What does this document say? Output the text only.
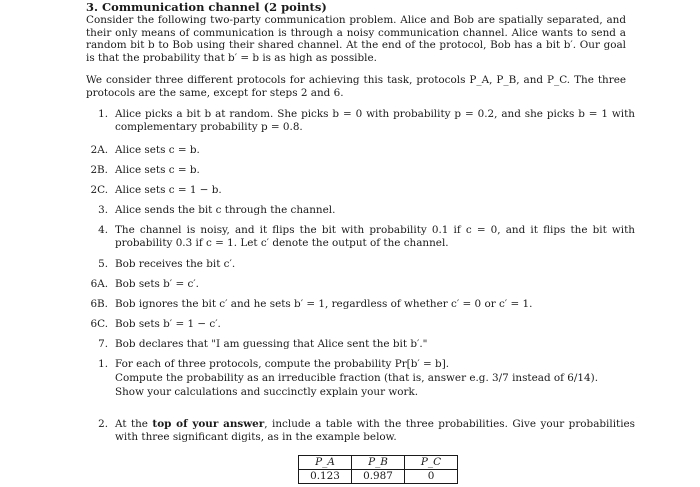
3. Communication channel (2 points)
Consider the following two-party communication problem. Alice and Bob are spatially separated, and their only means of communication is through a noisy communication channel. Alice wants to send a random bit b to Bob using their shared channel. At the end of the protocol, Bob has a bit b′. Our goal is that the probability that b′ = b is as high as possible.
We consider three different protocols for achieving this task, protocols P_A, P_B, and P_C. The three protocols are the same, except for steps 2 and 6.
1. Alice picks a bit b at random. She picks b = 0 with probability p = 0.2, and she picks b = 1 with complementary probability p = 0.8.
2A. Alice sets c = b.
2B. Alice sets c = b.
2C. Alice sets c = 1 − b.
3. Alice sends the bit c through the channel.
4. The channel is noisy, and it flips the bit with probability 0.1 if c = 0, and it flips the bit with probability 0.3 if c = 1. Let c′ denote the output of the channel.
5. Bob receives the bit c′.
6A. Bob sets b′ = c′.
6B. Bob ignores the bit c′ and he sets b′ = 1, regardless of whether c′ = 0 or c′ = 1.
6C. Bob sets b′ = 1 − c′.
7. Bob declares that "I am guessing that Alice sent the bit b′."
1. For each of three protocols, compute the probability Pr[b′ = b].
Compute the probability as an irreducible fraction (that is, answer e.g. 3/7 instead of 6/14).
Show your calculations and succinctly explain your work.
2. At the top of your answer, include a table with the three probabilities. Give your probabilities with three significant digits, as in the example below.
P_A	P_B	P_C
0.123	0.987	0
